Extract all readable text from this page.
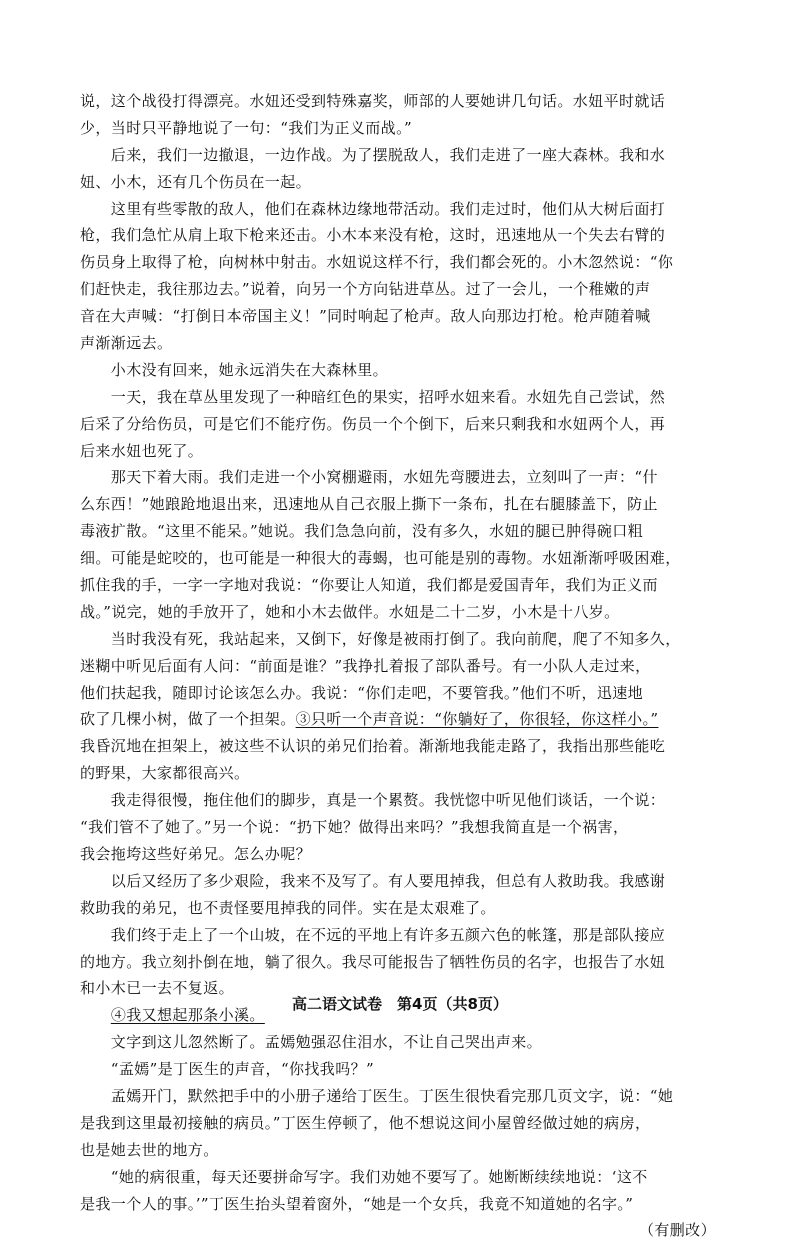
说，这个战役打得漂亮。水妞还受到特殊嘉奖，师部的人要她讲几句话。水妞平时就话
少，当时只平静地说了一句：“我们为正义而战。”
　　后来，我们一边撤退，一边作战。为了摆脱敌人，我们走进了一座大森林。我和水
妞、小木，还有几个伤员在一起。
　　这里有些零散的敌人，他们在森林边缘地带活动。我们走过时，他们从大树后面打
枪，我们急忙从肩上取下枪来还击。小木本来没有枪，这时，迅速地从一个失去右臂的
伤员身上取得了枪，向树林中射击。水妞说这样不行，我们都会死的。小木忽然说：“你
们赶快走，我往那边去。”说着，向另一个方向钻进草丛。过了一会儿，一个稚嫩的声
音在大声喊：“打倒日本帝国主义！”同时响起了枪声。敌人向那边打枪。枪声随着喊
声渐渐远去。
　　小木没有回来，她永远消失在大森林里。
　　一天，我在草丛里发现了一种暗红色的果实，招呼水妞来看。水妞先自己尝试，然
后采了分给伤员，可是它们不能疗伤。伤员一个个倒下，后来只剩我和水妞两个人，再
后来水妞也死了。
　　那天下着大雨。我们走进一个小窝棚避雨，水妞先弯腰进去，立刻叫了一声：“什
么东西！”她踉跄地退出来，迅速地从自己衣服上撕下一条布，扎在右腿膝盖下，防止
毒液扩散。“这里不能呆。”她说。我们急急向前，没有多久，水妞的腿已肿得碗口粗
细。可能是蛇咬的，也可能是一种很大的毒蝎，也可能是别的毒物。水妞渐渐呼吸困难，
抓住我的手，一字一字地对我说：“你要让人知道，我们都是爱国青年，我们为正义而
战。”说完，她的手放开了，她和小木去做伴。水妞是二十二岁，小木是十八岁。
　　当时我没有死，我站起来，又倒下，好像是被雨打倒了。我向前爬，爬了不知多久，
迷糊中听见后面有人问：“前面是谁？”我挣扎着报了部队番号。有一小队人走过来，
他们扶起我，随即讨论该怎么办。我说：“你们走吧，不要管我。”他们不听，迅速地
砍了几棵小树，做了一个担架。③只听一个声音说：“你躺好了，你很轻，你这样小。”
我昏沉地在担架上，被这些不认识的弟兄们抬着。渐渐地我能走路了，我指出那些能吃
的野果，大家都很高兴。
　　我走得很慢，拖住他们的脚步，真是一个累赘。我恍惚中听见他们谈话，一个说：
“我们管不了她了。”另一个说：“扔下她？做得出来吗？”我想我简直是一个祸害，
我会拖垮这些好弟兄。怎么办呢？
　　以后又经历了多少艰险，我来不及写了。有人要甩掉我，但总有人救助我。我感谢
救助我的弟兄，也不责怪要甩掉我的同伴。实在是太艰难了。
　　我们终于走上了一个山坡，在不远的平地上有许多五颜六色的帐篷，那是部队接应
的地方。我立刻扑倒在地，躺了很久。我尽可能报告了牺牲伤员的名字，也报告了水妞
和小木已一去不复返。
　　④我又想起那条小溪。
　　文字到这儿忽然断了。孟嫣勉强忍住泪水，不让自己哭出声来。
　　“孟嫣”是丁医生的声音，“你找我吗？”
　　孟嫣开门，默然把手中的小册子递给丁医生。丁医生很快看完那几页文字，说：“她
是我到这里最初接触的病员。”丁医生停顿了，他不想说这间小屋曾经做过她的病房，
也是她去世的地方。
　　“她的病很重，每天还要拼命写字。我们劝她不要写了。她断断续续地说：‘这不
是我一个人的事。’”丁医生抬头望着窗外，“她是一个女兵，我竟不知道她的名字。”
（有删改）
高二语文试卷　第4页（共8页）
